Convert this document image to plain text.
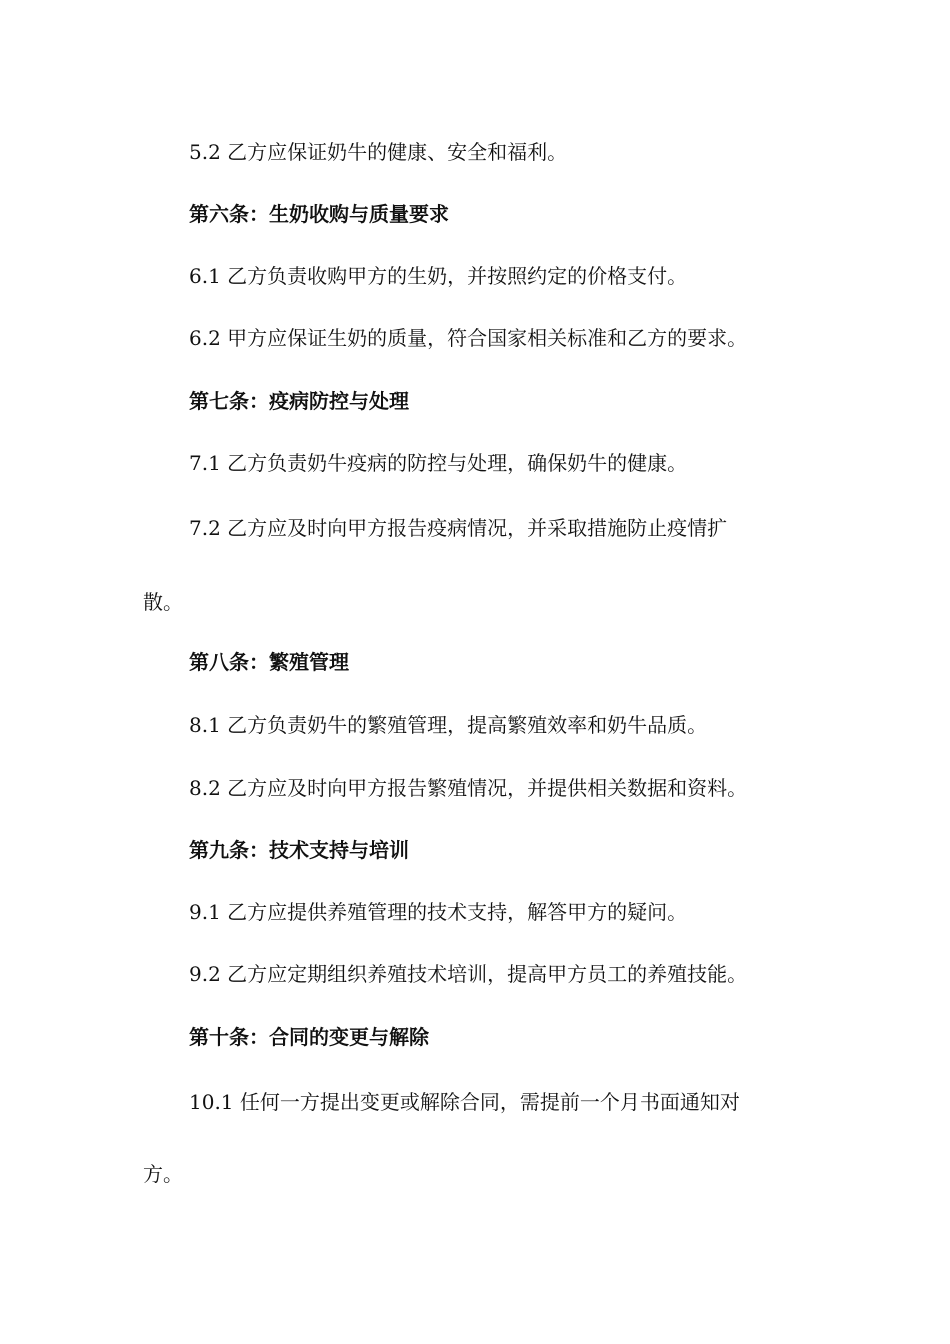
5.2 乙方应保证奶牛的健康、安全和福利。

第六条：生奶收购与质量要求

6.1 乙方负责收购甲方的生奶，并按照约定的价格支付。

6.2 甲方应保证生奶的质量，符合国家相关标准和乙方的要求。

第七条：疫病防控与处理

7.1 乙方负责奶牛疫病的防控与处理，确保奶牛的健康。

7.2 乙方应及时向甲方报告疫病情况，并采取措施防止疫情扩

散。

第八条：繁殖管理

8.1 乙方负责奶牛的繁殖管理，提高繁殖效率和奶牛品质。

8.2 乙方应及时向甲方报告繁殖情况，并提供相关数据和资料。

第九条：技术支持与培训

9.1 乙方应提供养殖管理的技术支持，解答甲方的疑问。

9.2 乙方应定期组织养殖技术培训，提高甲方员工的养殖技能。

第十条：合同的变更与解除

10.1 任何一方提出变更或解除合同，需提前一个月书面通知对

方。
